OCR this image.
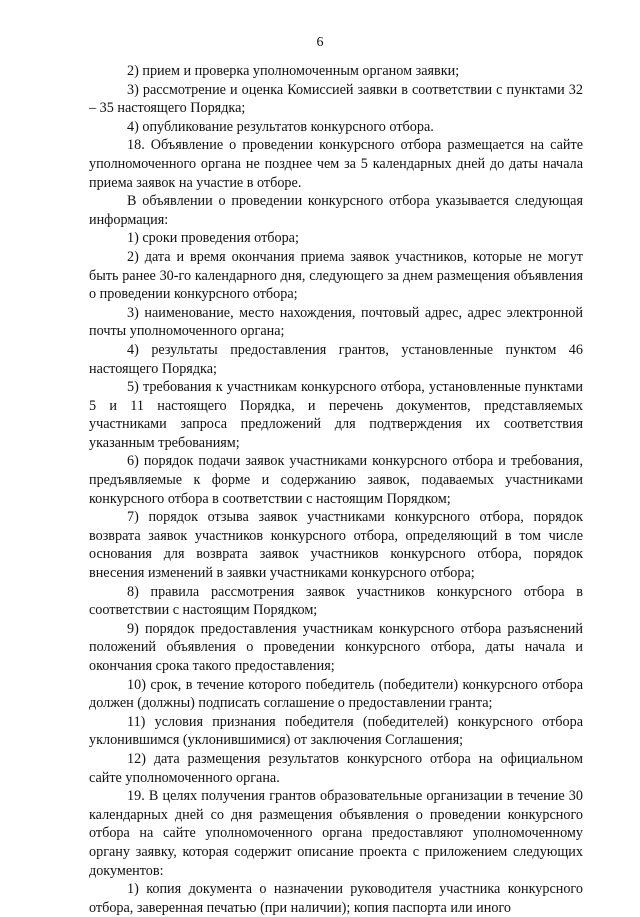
6

2) прием и проверка уполномоченным органом заявки;

3) рассмотрение и оценка Комиссией заявки в соответствии с пунктами 32 – 35 настоящего Порядка;

4) опубликование результатов конкурсного отбора.

18. Объявление о проведении конкурсного отбора размещается на сайте уполномоченного органа не позднее чем за 5 календарных дней до даты начала приема заявок на участие в отборе.

В объявлении о проведении конкурсного отбора указывается следующая информация:

1) сроки проведения отбора;

2) дата и время окончания приема заявок участников, которые не могут быть ранее 30-го календарного дня, следующего за днем размещения объявления о проведении конкурсного отбора;

3) наименование, место нахождения, почтовый адрес, адрес электронной почты уполномоченного органа;

4) результаты предоставления грантов, установленные пунктом 46 настоящего Порядка;

5) требования к участникам конкурсного отбора, установленные пунктами 5 и 11 настоящего Порядка, и перечень документов, представляемых участниками запроса предложений для подтверждения их соответствия указанным требованиям;

6) порядок подачи заявок участниками конкурсного отбора и требования, предъявляемые к форме и содержанию заявок, подаваемых участниками конкурсного отбора в соответствии с настоящим Порядком;

7) порядок отзыва заявок участниками конкурсного отбора, порядок возврата заявок участников конкурсного отбора, определяющий в том числе основания для возврата заявок участников конкурсного отбора, порядок внесения изменений в заявки участниками конкурсного отбора;

8) правила рассмотрения заявок участников конкурсного отбора в соответствии с настоящим Порядком;

9) порядок предоставления участникам конкурсного отбора разъяснений положений объявления о проведении конкурсного отбора, даты начала и окончания срока такого предоставления;

10) срок, в течение которого победитель (победители) конкурсного отбора должен (должны) подписать соглашение о предоставлении гранта;

11) условия признания победителя (победителей) конкурсного отбора уклонившимся (уклонившимися) от заключения Соглашения;

12) дата размещения результатов конкурсного отбора на официальном сайте уполномоченного органа.

19. В целях получения грантов образовательные организации в течение 30 календарных дней со дня размещения объявления о проведении конкурсного отбора на сайте уполномоченного органа предоставляют уполномоченному органу заявку, которая содержит описание проекта с приложением следующих документов:

1) копия документа о назначении руководителя участника конкурсного отбора, заверенная печатью (при наличии); копия паспорта или иного
